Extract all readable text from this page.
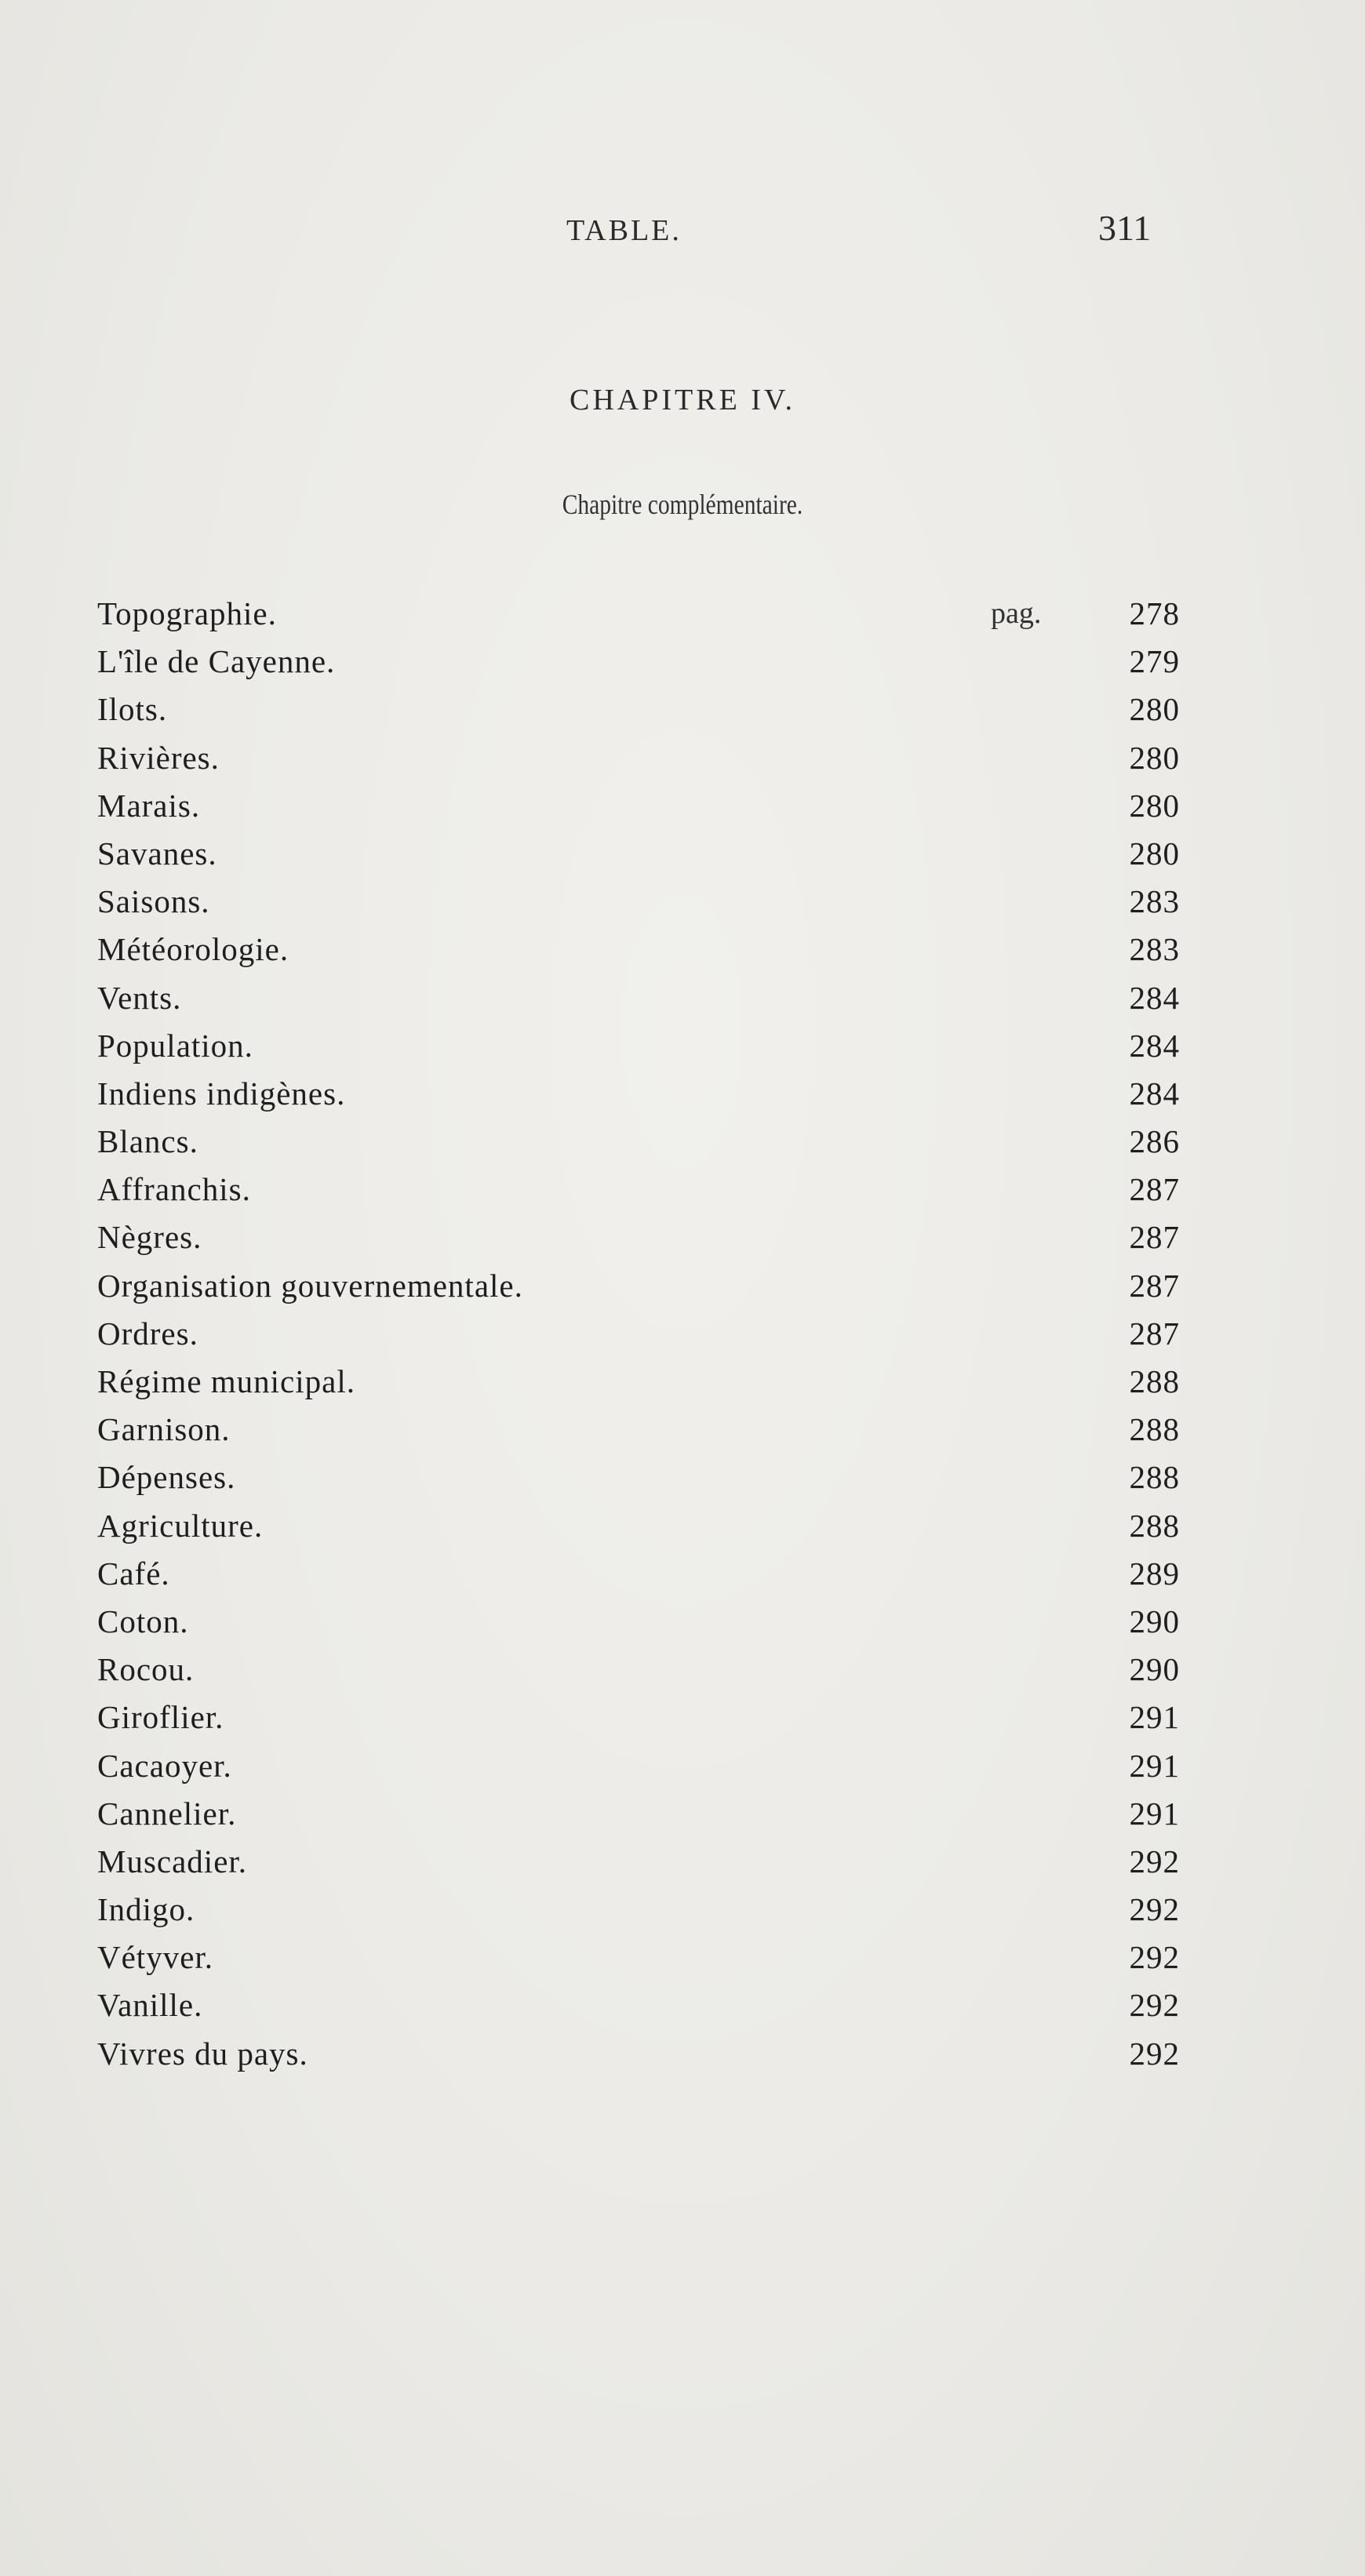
TABLE.	311
CHAPITRE IV.
Chapitre complémentaire.
Topographie.	pag.	278
L'île de Cayenne.	279
Ilots.	280
Rivières.	280
Marais.	280
Savanes.	280
Saisons.	283
Météorologie.	283
Vents.	284
Population.	284
Indiens indigènes.	284
Blancs.	286
Affranchis.	287
Nègres.	287
Organisation gouvernementale.	287
Ordres.	287
Régime municipal.	288
Garnison.	288
Dépenses.	288
Agriculture.	288
Café.	289
Coton.	290
Rocou.	290
Giroflier.	291
Cacaoyer.	291
Cannelier.	291
Muscadier.	292
Indigo.	292
Vétyver.	292
Vanille.	292
Vivres du pays.	292
